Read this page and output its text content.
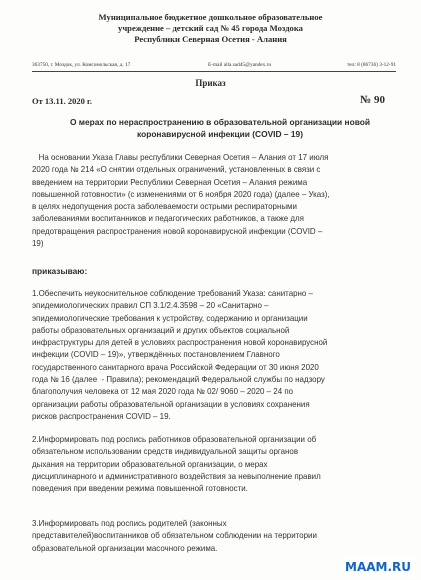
Муниципальное бюджетное дошкольное образовательное
учреждение – детский сад № 45 города Моздока
Республики Северная Осетия - Алания
363750, г. Моздок, ул. Комсомольская, д. 17	E-mail alla.sad45@yandex.ru	тел: 8 (86736) 3-12-91
Приказ
От 13.11. 2020 г.	№ 90
О мерах по нераспространению в образовательной организации новой
коронавирусной инфекции (COVID – 19)
На основании Указа Главы республики Северная Осетия – Алания от 17 июля
2020 года № 214 «О снятии отдельных ограничений, установленных в связи с
введением на территории Республики Северная Осетия – Алания режима
повышенной готовности» (с изменениями от 6 ноября 2020 года) (далее – Указ),
в целях недопущения роста заболеваемости острыми респираторными
заболеваниями воспитанников и педагогических работников, а также для
предотвращения распространения новой коронавирусной инфекции (COVID –
19)
приказываю:
1.Обеспечить неукоснительное соблюдение требований Указа: санитарно –
эпидемиологических правил СП 3.1/2.4.3598 – 20 «Санитарно –
эпидемиологические требования к устройству, содержанию и организации
работы образовательных организаций и других объектов социальной
инфраструктуры для детей в условиях распространения новой коронавирусной
инфекции (COVID – 19)», утверждённых постановлением Главного
государственного санитарного врача Российской Федерации от 30 июня 2020
года № 16 (далее  - Правила); рекомендаций Федеральной службы по надзору
благополучия человека от 12 мая 2020 года № 02/ 9060 – 2020 – 24 по
организации работы образовательной организации в условиях сохранения
рисков распространения COVID – 19.
2.Информировать под роспись работников образовательной организации об
обязательном использовании средств индивидуальной защиты органов
дыхания на территории образовательной организации, о мерах
дисциплинарного и административного воздействия за невыполнение правил
поведения при введении режима повышенной готовности.
3.Информировать под роспись родителей (законных
представителей)воспитанников об обязательном соблюдении на территории
образовательной организации масочного режима.
MAAM.RU
